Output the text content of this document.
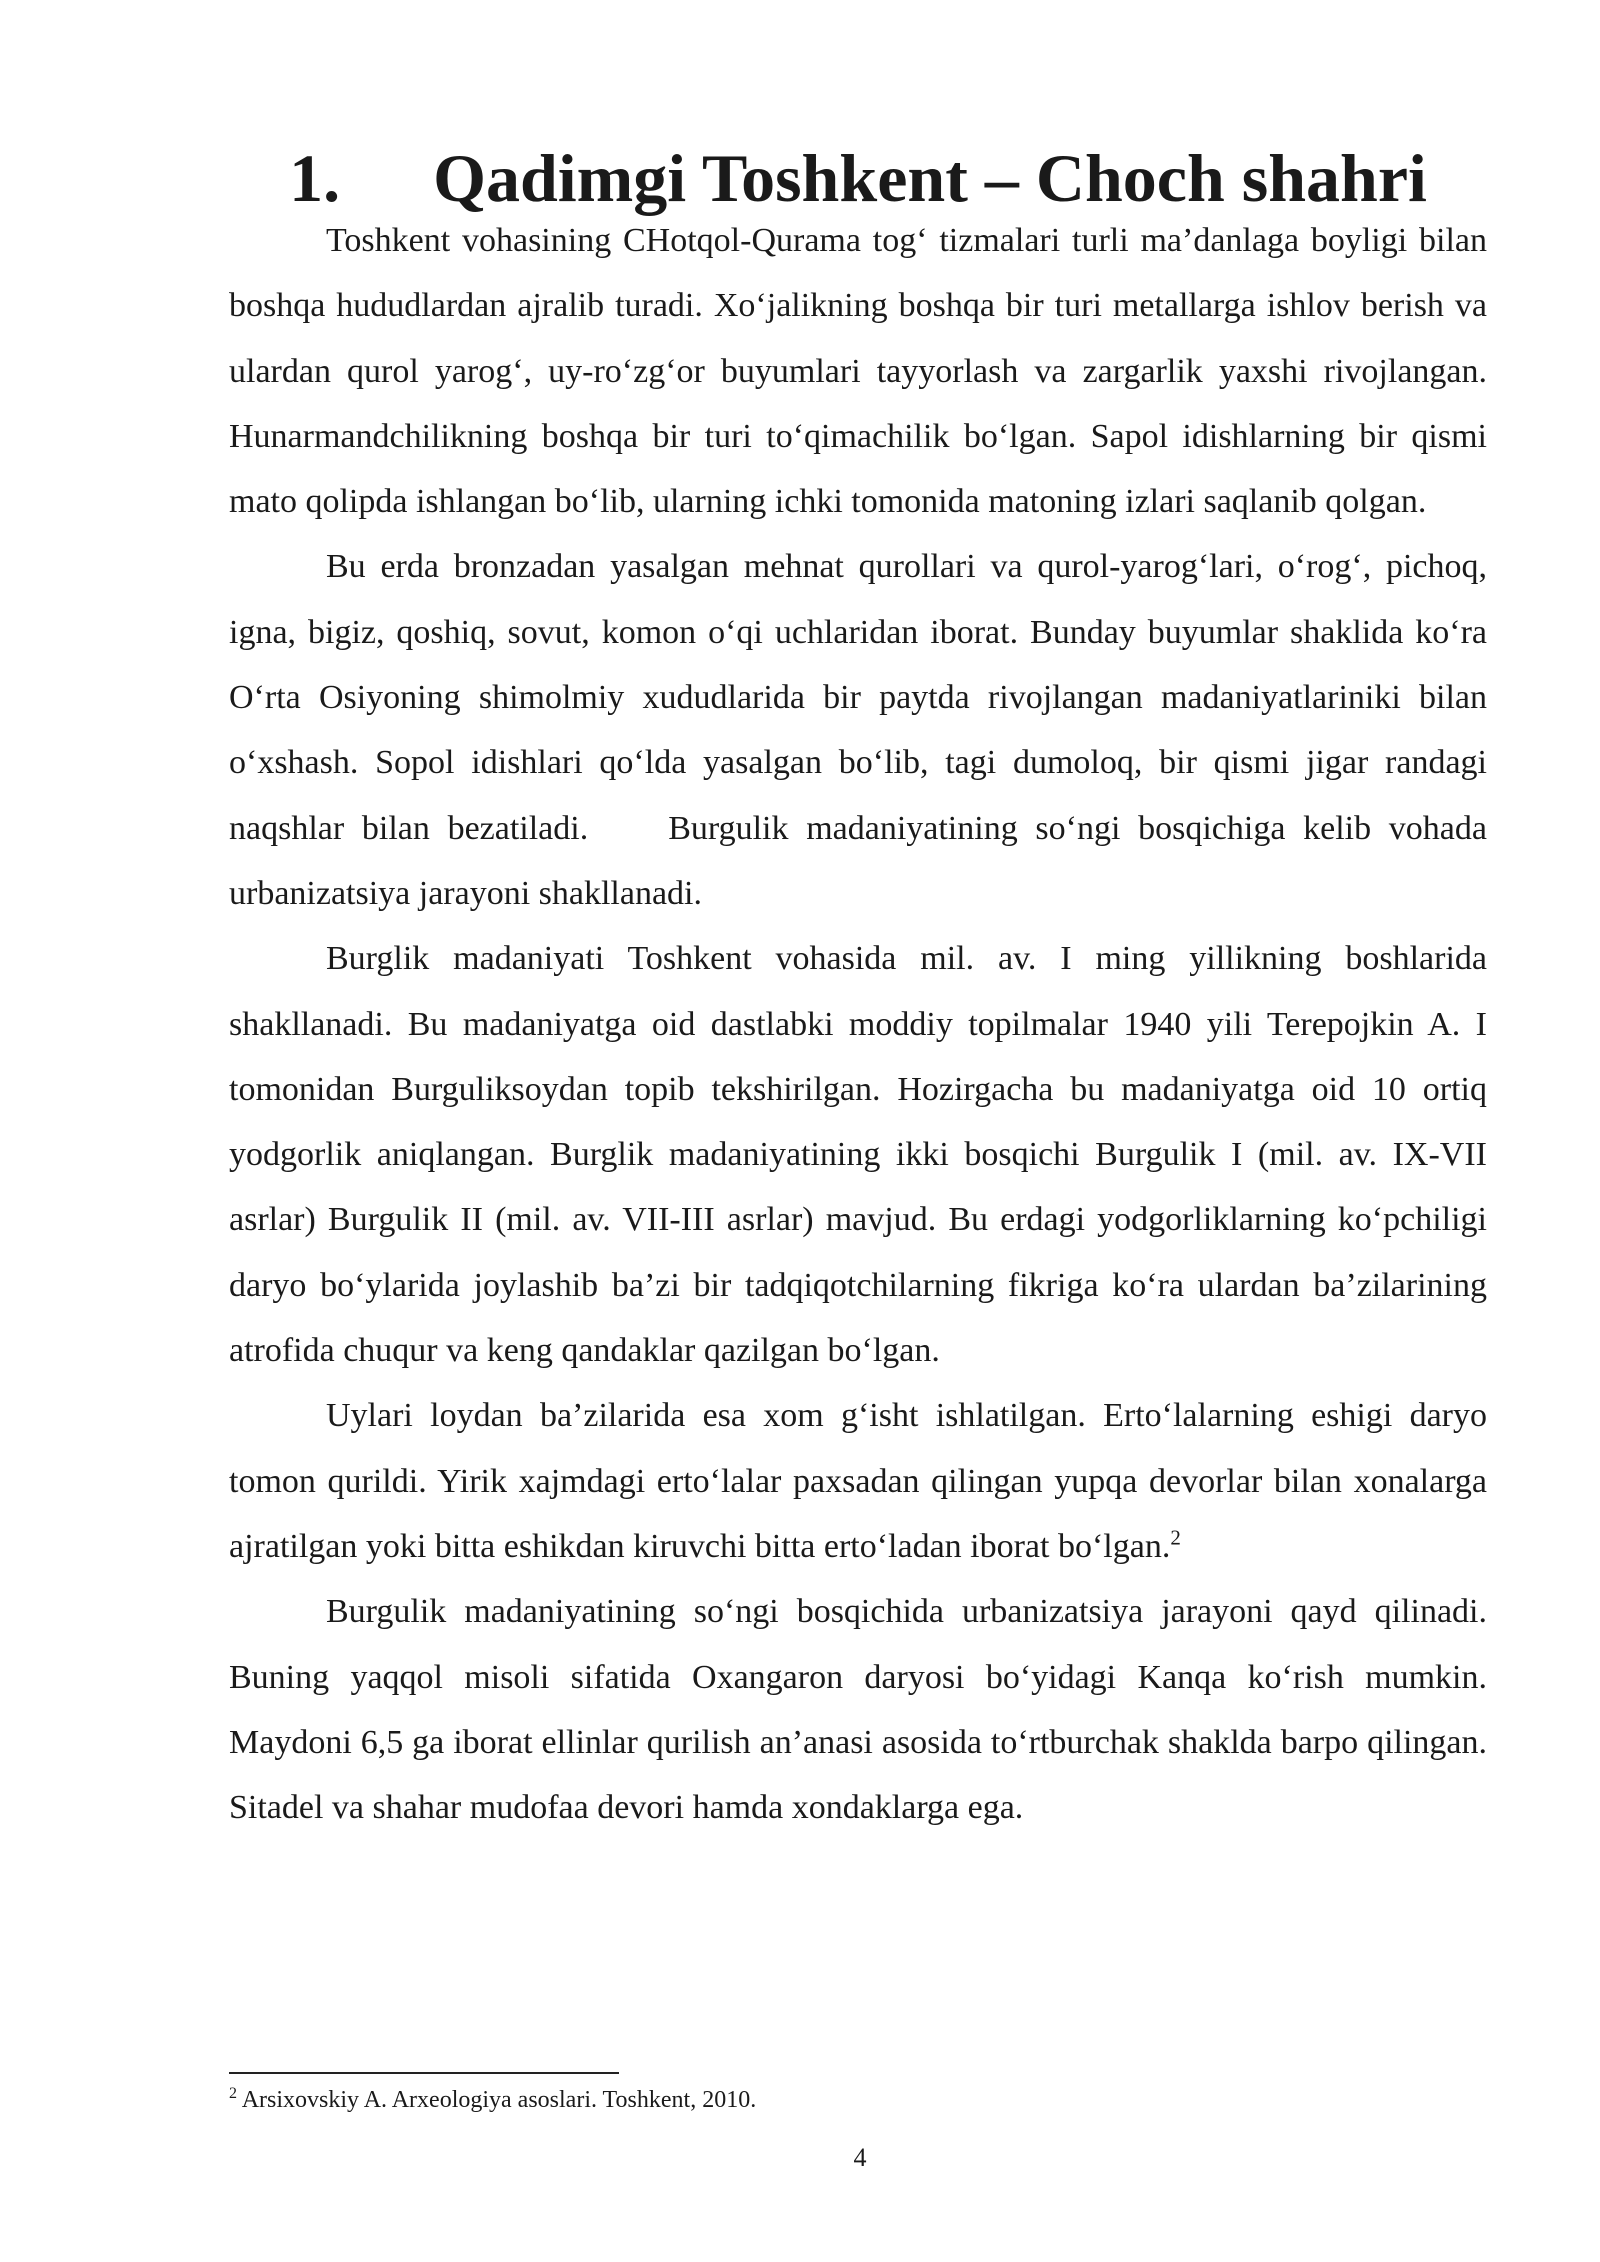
1. Qadimgi Toshkent – Choch shahri

Toshkent vohasining CHotqol-Qurama tog‘ tizmalari turli ma’danlaga boyligi bilan boshqa hududlardan ajralib turadi. Xo‘jalikning boshqa bir turi metallarga ishlov berish va ulardan qurol yarog‘, uy-ro‘zg‘or buyumlari tayyorlash va zargarlik yaxshi rivojlangan. Hunarmandchilikning boshqa bir turi to‘qimachilik bo‘lgan. Sapol idishlarning bir qismi mato qolipda ishlangan bo‘lib, ularning ichki tomonida matoning izlari saqlanib qolgan.

Bu erda bronzadan yasalgan mehnat qurollari va qurol-yarog‘lari, o‘rog‘, pichoq, igna, bigiz, qoshiq, sovut, komon o‘qi uchlaridan iborat. Bunday buyumlar shaklida ko‘ra O‘rta Osiyoning shimolmiy xududlarida bir paytda rivojlangan madaniyatlariniki bilan o‘xshash. Sopol idishlari qo‘lda yasalgan bo‘lib, tagi dumoloq, bir qismi jigar randagi naqshlar bilan bezatiladi. Burgulik madaniyatining so‘ngi bosqichiga kelib vohada urbanizatsiya jarayoni shakllanadi.

Burglik madaniyati Toshkent vohasida mil. av. I ming yillikning boshlarida shakllanadi. Bu madaniyatga oid dastlabki moddiy topilmalar 1940 yili Terepojkin A. I tomonidan Burguliksoydan topib tekshirilgan. Hozirgacha bu madaniyatga oid 10 ortiq yodgorlik aniqlangan. Burglik madaniyatining ikki bosqichi Burgulik I (mil. av. IX-VII asrlar) Burgulik II (mil. av. VII-III asrlar) mavjud. Bu erdagi yodgorliklarning ko‘pchiligi daryo bo‘ylarida joylashib ba’zi bir tadqiqotchilarning fikriga ko‘ra ulardan ba’zilarining atrofida chuqur va keng qandaklar qazilgan bo‘lgan.

Uylari loydan ba’zilarida esa xom g‘isht ishlatilgan. Erto‘lalarning eshigi daryo tomon qurildi. Yirik xajmdagi erto‘lalar paxsadan qilingan yupqa devorlar bilan xonalarga ajratilgan yoki bitta eshikdan kiruvchi bitta erto‘ladan iborat bo‘lgan.$^2$

Burgulik madaniyatining so‘ngi bosqichida urbanizatsiya jarayoni qayd qilinadi. Buning yaqqol misoli sifatida Oxangaron daryosi bo‘yidagi Kanqa ko‘rish mumkin. Maydoni 6,5 ga iborat ellinlar qurilish an’anasi asosida to‘rtburchak shaklda barpo qilingan. Sitadel va shahar mudofaa devori hamda xondaklarga ega.

$^2$ Arsixovskiy A. Arxeologiya asoslari. Toshkent, 2010.
4
